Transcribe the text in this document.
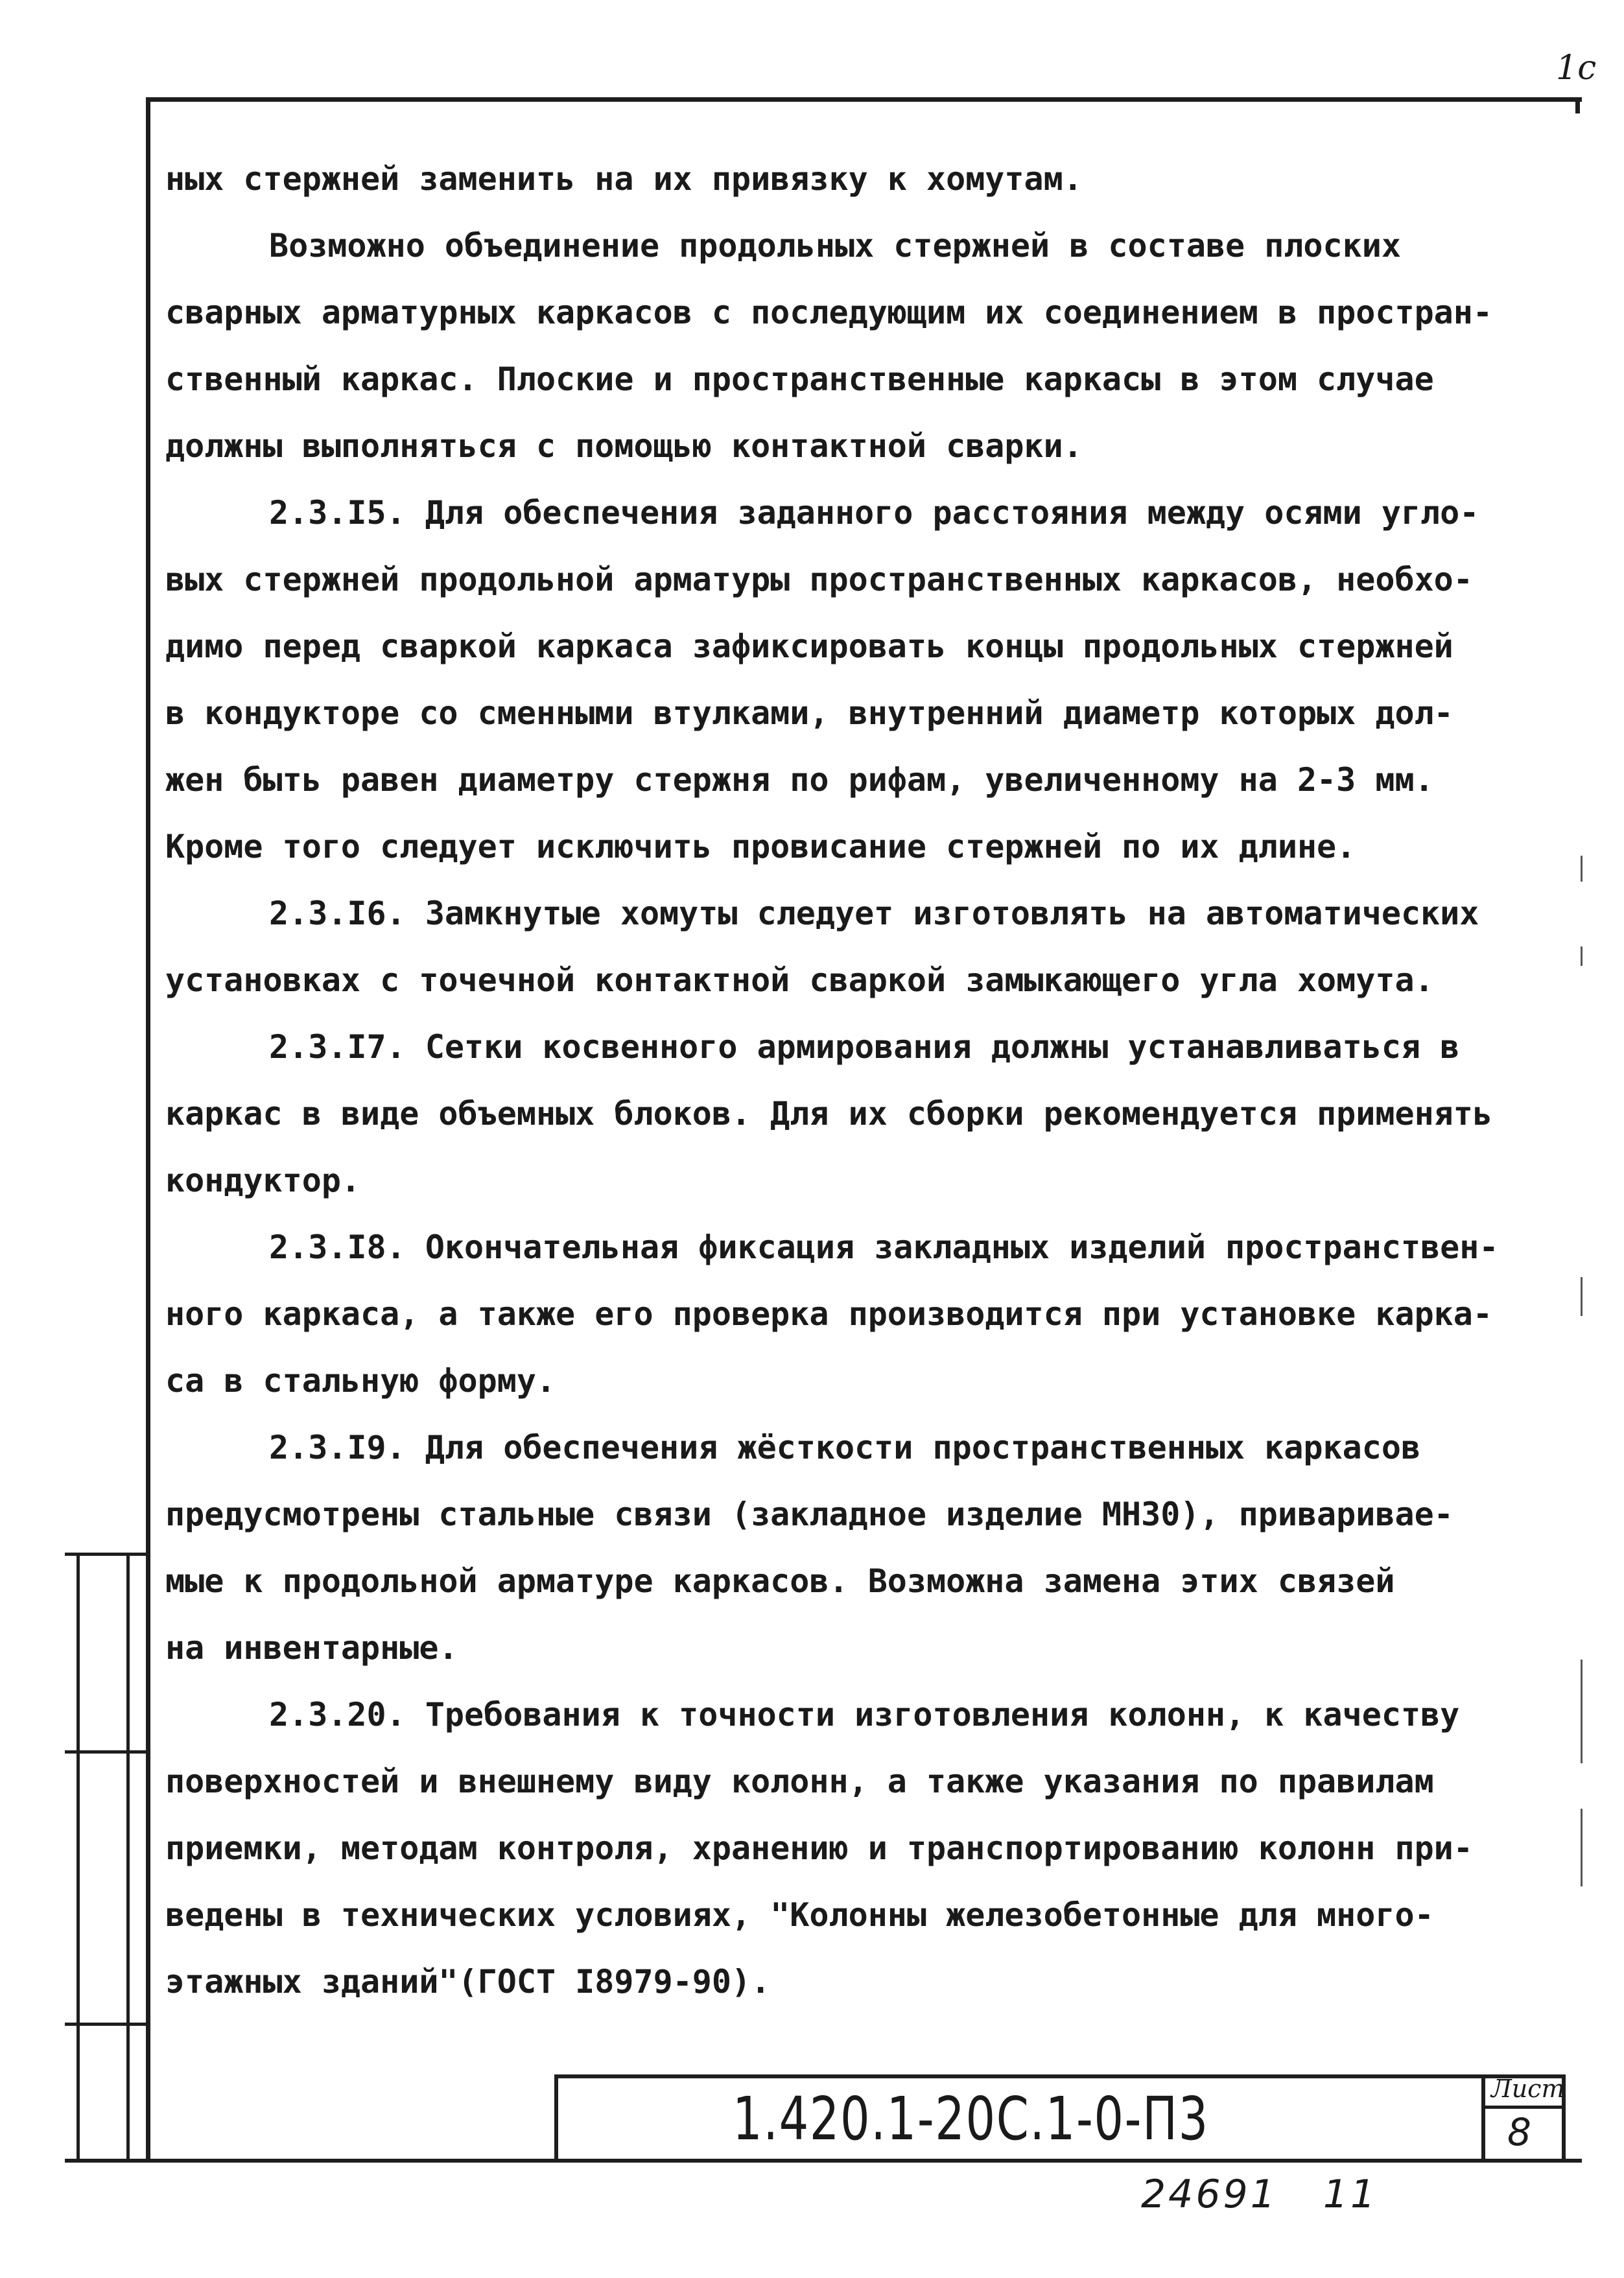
1с
ных стержней заменить на их привязку к хомутам.
Возможно объединение продольных стержней в составе плоских
сварных арматурных каркасов с последующим их соединением в простран-
ственный каркас. Плоские и пространственные каркасы в этом случае
должны выполняться с помощью контактной сварки.
2.3.I5. Для обеспечения заданного расстояния между осями угло-
вых стержней продольной арматуры пространственных каркасов, необхо-
димо перед сваркой каркаса зафиксировать концы продольных стержней
в кондукторе со сменными втулками, внутренний диаметр которых дол-
жен быть равен диаметру стержня по рифам, увеличенному на 2-3 мм.
Кроме того следует исключить провисание стержней по их длине.
2.3.I6. Замкнутые хомуты следует изготовлять на автоматических
установках с точечной контактной сваркой замыкающего угла хомута.
2.3.I7. Сетки косвенного армирования должны устанавливаться в
каркас в виде объемных блоков. Для их сборки рекомендуется применять
кондуктор.
2.3.I8. Окончательная фиксация закладных изделий пространствен-
ного каркаса, а также его проверка производится при установке карка-
са в стальную форму.
2.3.I9. Для обеспечения жёсткости пространственных каркасов
предусмотрены стальные связи (закладное изделие МН30), привариваe-
мые к продольной арматуре каркасов. Возможна замена этих связей
на инвентарные.
2.3.20. Требования к точности изготовления колонн, к качеству
поверхностей и внешнему виду колонн, а также указания по правилам
приемки, методам контроля, хранению и транспортированию колонн при-
ведены в технических условиях, "Колонны железобетонные для много-
этажных зданий"(ГОСТ I8979-90).
1.420.1-20С.1-0-П3	Лист
8
24691 11
